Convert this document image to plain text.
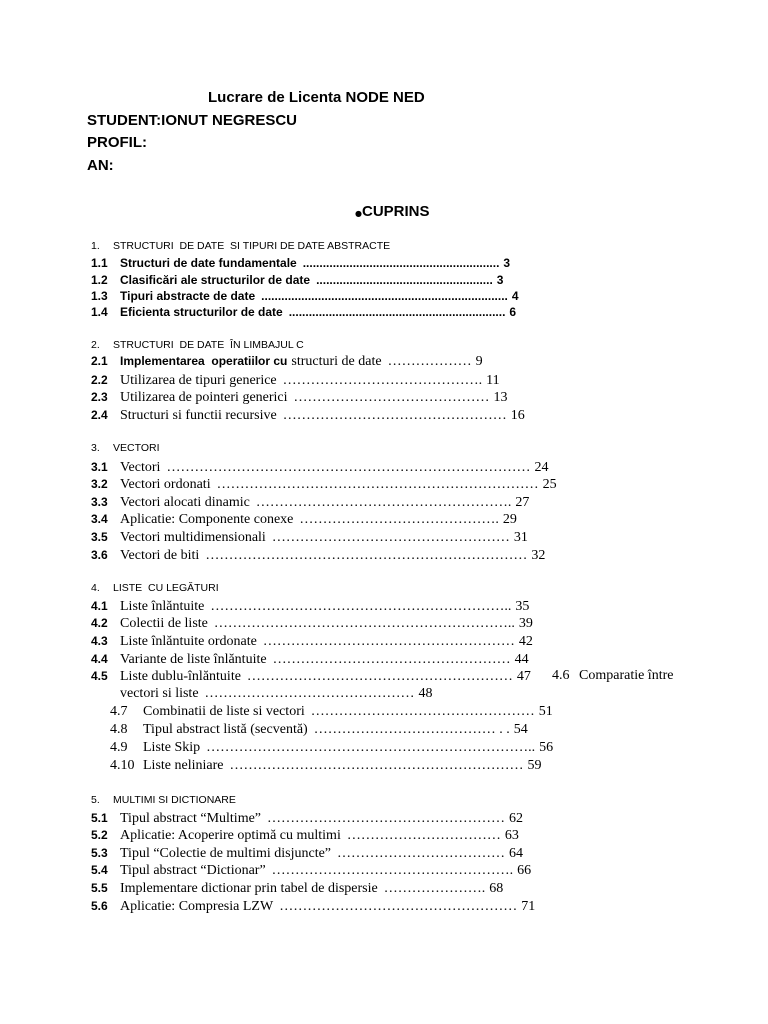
Lucrare de Licenta NODE NED
STUDENT:IONUT NEGRESCU
PROFIL:
AN:
●CUPRINS
1. STRUCTURI  DE DATE  SI TIPURI DE DATE ABSTRACTE
1.1 Structuri de date fundamentale ........................................................... 3
1.2 Clasificări ale structurilor de date ..................................................... 3
1.3 Tipuri abstracte de date .......................................................................... 4
1.4 Eficienta structurilor de date ................................................................. 6
2. STRUCTURI  DE DATE  ÎN LIMBAJUL C
2.1 Implementarea  operatiilor cu structuri de date ……………… 9
2.2 Utilizarea de tipuri generice ……………………………………. 11
2.3 Utilizarea de pointeri generici …………………………………… 13
2.4 Structuri si functii recursive ………………………………………… 16
3. VECTORI
3.1 Vectori …………………………………………………………………… 24
3.2 Vectori ordonati …………………………………………………………… 25
3.3 Vectori alocati dinamic ………………………………………………. 27
3.4 Aplicatie: Componente conexe ……………………………………. 29
3.5 Vectori multidimensionali …………………………………………… 31
3.6 Vectori de biti …………………………………………………………… 32
4. LISTE  CU LEGĂTURI
4.1 Liste înlăntuite ……………………………………………………….. 35
4.2 Colectii de liste ……………………………………………………….. 39
4.3 Liste înlăntuite ordonate ……………………………………………… 42
4.4 Variante de liste înlăntuite …………………………………………… 44
4.5 Liste dublu-înlăntuite ………………………………………………… 47 4.6 Comparatie între
vectori si liste ……………………………………… 48
4.7 Combinatii de liste si vectori ………………………………………… 51
4.8 Tipul abstract listă (secventă) ………………………………… . . 54
4.9 Liste Skip …………………………………………………………….. 56
4.10 Liste neliniare ……………………………………………………… 59
5. MULTIMI SI DICTIONARE
5.1 Tipul abstract “Multime” …………………………………………… 62
5.2 Aplicatie: Acoperire optimă cu multimi …………………………… 63
5.3 Tipul “Colectie de multimi disjuncte” ……………………………… 64
5.4 Tipul abstract “Dictionar” ……………………………………………. 66
5.5 Implementare dictionar prin tabel de dispersie …………………. 68
5.6 Aplicatie: Compresia LZW …………………………………………… 71
